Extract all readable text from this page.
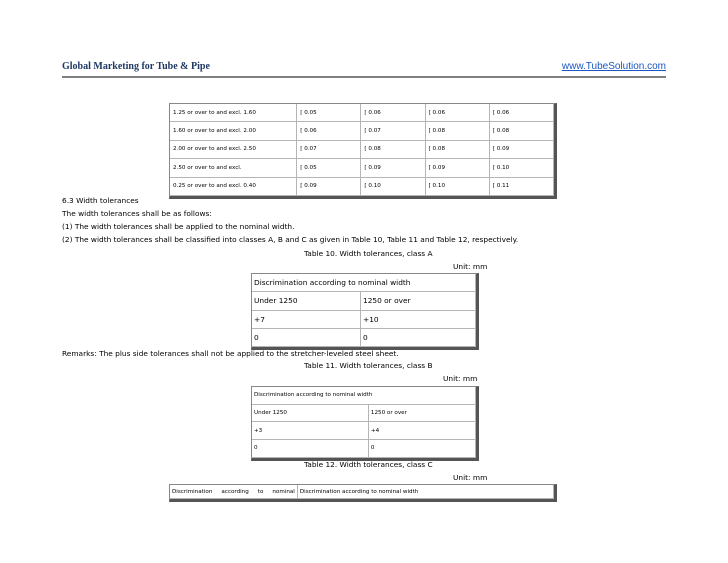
Global Marketing for Tube & Pipe	www.TubeSolution.com
1.25 or over to and excl. 1.60	[ 0.05	[ 0.06	[ 0.06	[ 0.06
1.60 or over to and excl. 2.00	[ 0.06	[ 0.07	[ 0.08	[ 0.08
2.00 or over to and excl. 2.50	[ 0.07	[ 0.08	[ 0.08	[ 0.09
2.50 or over to and excl.	[ 0.05	[ 0.09	[ 0.09	[ 0.10
0.25 or over to and excl. 0.40	[ 0.09	[ 0.10	[ 0.10	[ 0.11
6.3 Width tolerances
The width tolerances shall be as follows:
(1) The width tolerances shall be applied to the nominal width.
(2) The width tolerances shall be classified into classes A, B and C as given in Table 10, Table 11 and Table 12, respectively.
Table 10. Width tolerances, class A
Unit: mm
Discrimination according to nominal width	
Under 1250	1250 or over
+7	+10
0	0
Remarks: The plus side tolerances shall not be applied to the stretcher-leveled steel sheet.
Table 11. Width tolerances, class B
Unit: mm
Discrimination according to nominal width	
Under 1250	1250 or over
+3	+4
0	0
Table 12. Width tolerances, class C
Unit: mm
Discrimination according to nominal	Discrimination according to nominal width
